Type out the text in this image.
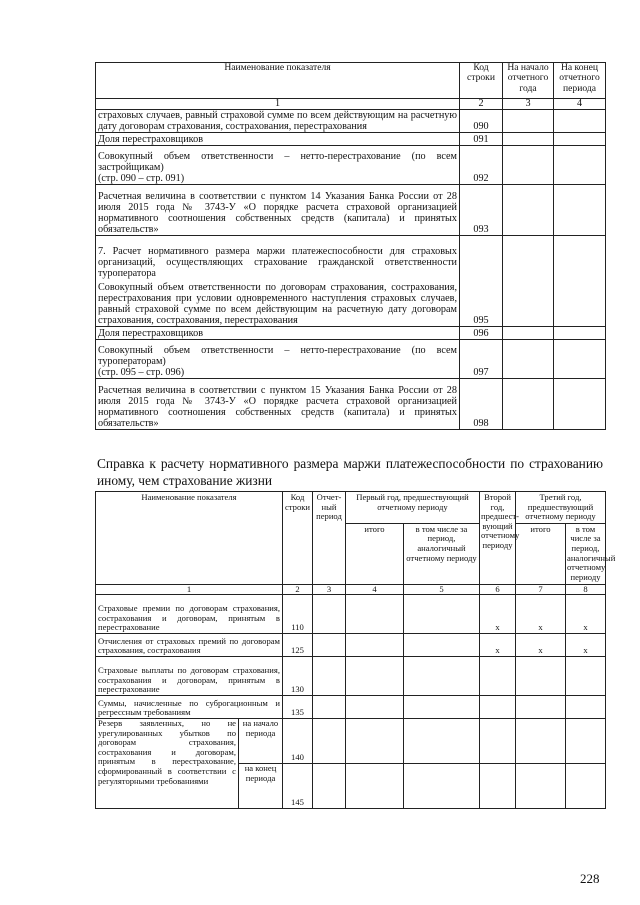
Наименование показателя	Код строки	На начало отчетного года	На конец отчетного периода
1	2	3	4
страховых случаев, равный страховой сумме по всем действующим на расчетную дату договорам страхования, сострахования, перестрахования	090		
Доля перестраховщиков	091		

Совокупный объем ответственности – нетто-перестрахование (по всем застройщикам)
(стр. 090 – стр. 091)	092		
Расчетная величина в соответствии с пунктом 14 Указания Банка России от 28 июля 2015 года № 3743-У «О порядке расчета страховой организацией нормативного соотношения собственных средств (капитала) и принятых обязательств»	093		

7. Расчет нормативного размера маржи платежеспособности для страховых организаций, осуществляющих страхование гражданской ответственности туроператора
Совокупный объем ответственности по договорам страхования, сострахования, перестрахования при условии одновременного наступления страховых случаев, равный страховой сумме по всем действующим на расчетную дату договорам страхования, сострахования, перестрахования	095		
Доля перестраховщиков	096		

Совокупный объем ответственности – нетто-перестрахование (по всем туроператорам)
(стр. 095 – стр. 096)	097		
Расчетная величина в соответствии с пунктом 15 Указания Банка России от 28 июля 2015 года № 3743-У «О порядке расчета страховой организацией нормативного соотношения собственных средств (капитала) и принятых обязательств»	098		

Справка к расчету нормативного размера маржи платежеспособности по страхованию иному, чем страхование жизни

Наименование показателя		Код строки	Отчет-ный период	Первый год, предшествующий отчетному периоду		Второй год, предшест-вующий отчетному периоду	Третий год, предшествующий отчетному периоду		
				итого	в том числе за период, аналогичный отчетному периоду		итого	в том числе за период, аналогичный отчетному периоду	
1		2	3	4	5	6	7	8	
Страховые премии по договорам страхования, сострахования и договорам, принятым в перестрахование		110				x	x	x	
Отчисления от страховых премий по договорам страхования, сострахования		125				x	x	x	
Страховые выплаты по договорам страхования, сострахования и договорам, принятым в перестрахование		130							
Суммы, начисленные по суброгационным и регрессным требованиям		135							
Резерв заявленных, но не урегулированных убытков по договорам страхования, сострахования и договорам, принятым в перестрахование, сформированный в соответствии с регуляторными требованиями	на начало периода	140							
	на конец периода	145							
228
